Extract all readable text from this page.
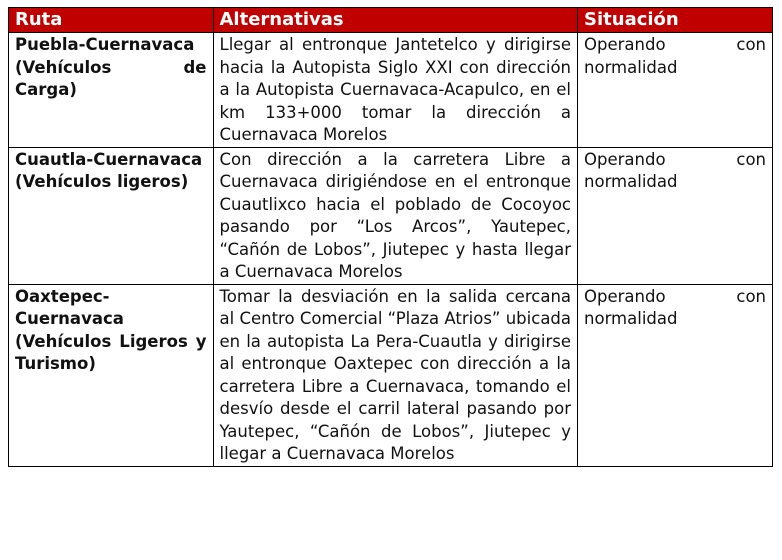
Ruta	Alternativas	Situación
Puebla-Cuernavaca (Vehículos de Carga)	Llegar al entronque Jantetelco y dirigirse hacia la Autopista Siglo XXI con dirección a la Autopista Cuernavaca-Acapulco, en el km 133+000 tomar la dirección a Cuernavaca Morelos	Operando con normalidad
Cuautla-Cuernavaca (Vehículos ligeros)	Con dirección a la carretera Libre a Cuernavaca dirigiéndose en el entronque Cuautlixco hacia el poblado de Cocoyoc pasando por “Los Arcos”, Yautepec, “Cañón de Lobos”, Jiutepec y hasta llegar a Cuernavaca Morelos	Operando con normalidad
Oaxtepec-Cuernavaca (Vehículos Ligeros y Turismo)	Tomar la desviación en la salida cercana al Centro Comercial “Plaza Atrios” ubicada en la autopista La Pera-Cuautla y dirigirse al entronque Oaxtepec con dirección a la carretera Libre a Cuernavaca, tomando el desvío desde el carril lateral pasando por Yautepec, “Cañón de Lobos”, Jiutepec y llegar a Cuernavaca Morelos	Operando con normalidad
